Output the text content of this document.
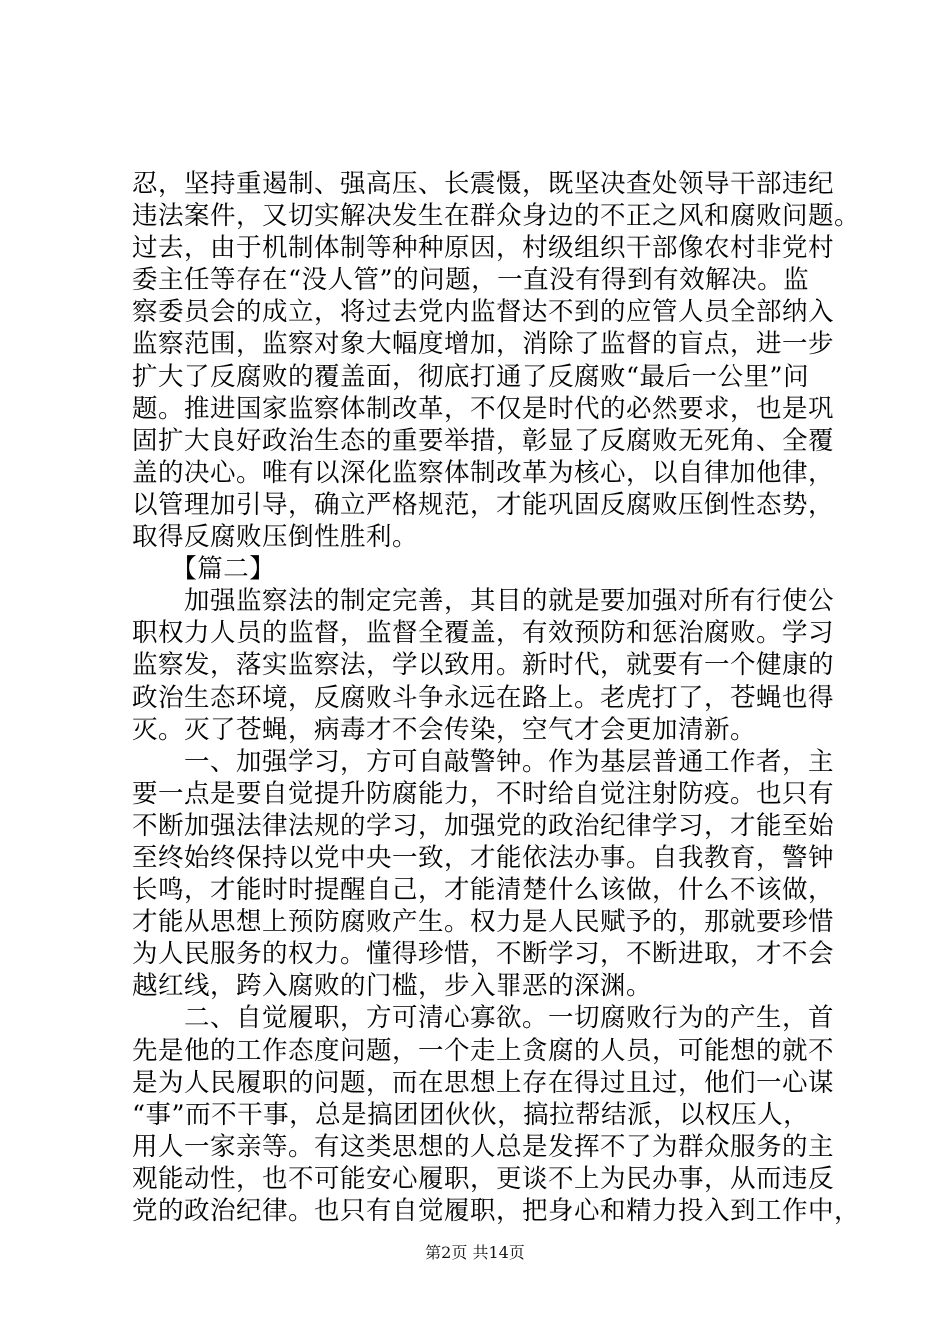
忍，坚持重遏制、强高压、长震慑，既坚决查处领导干部违纪
违法案件，又切实解决发生在群众身边的不正之风和腐败问题。
过去，由于机制体制等种种原因，村级组织干部像农村非党村
委主任等存在“没人管”的问题，一直没有得到有效解决。监
察委员会的成立，将过去党内监督达不到的应管人员全部纳入
监察范围，监察对象大幅度增加，消除了监督的盲点，进一步
扩大了反腐败的覆盖面，彻底打通了反腐败“最后一公里”问
题。推进国家监察体制改革，不仅是时代的必然要求，也是巩
固扩大良好政治生态的重要举措，彰显了反腐败无死角、全覆
盖的决心。唯有以深化监察体制改革为核心，以自律加他律，
以管理加引导，确立严格规范，才能巩固反腐败压倒性态势，
取得反腐败压倒性胜利。
　　【篇二】
　　加强监察法的制定完善，其目的就是要加强对所有行使公
职权力人员的监督，监督全覆盖，有效预防和惩治腐败。学习
监察发，落实监察法，学以致用。新时代，就要有一个健康的
政治生态环境，反腐败斗争永远在路上。老虎打了，苍蝇也得
灭。灭了苍蝇，病毒才不会传染，空气才会更加清新。
　　一、加强学习，方可自敲警钟。作为基层普通工作者，主
要一点是要自觉提升防腐能力，不时给自觉注射防疫。也只有
不断加强法律法规的学习，加强党的政治纪律学习，才能至始
至终始终保持以党中央一致，才能依法办事。自我教育，警钟
长鸣，才能时时提醒自己，才能清楚什么该做，什么不该做，
才能从思想上预防腐败产生。权力是人民赋予的，那就要珍惜
为人民服务的权力。懂得珍惜，不断学习，不断进取，才不会
越红线，跨入腐败的门槛，步入罪恶的深渊。
　　二、自觉履职，方可清心寡欲。一切腐败行为的产生，首
先是他的工作态度问题，一个走上贪腐的人员，可能想的就不
是为人民履职的问题，而在思想上存在得过且过，他们一心谋
“事”而不干事，总是搞团团伙伙，搞拉帮结派，以权压人，
用人一家亲等。有这类思想的人总是发挥不了为群众服务的主
观能动性，也不可能安心履职，更谈不上为民办事，从而违反
党的政治纪律。也只有自觉履职，把身心和精力投入到工作中，
第2页 共14页
